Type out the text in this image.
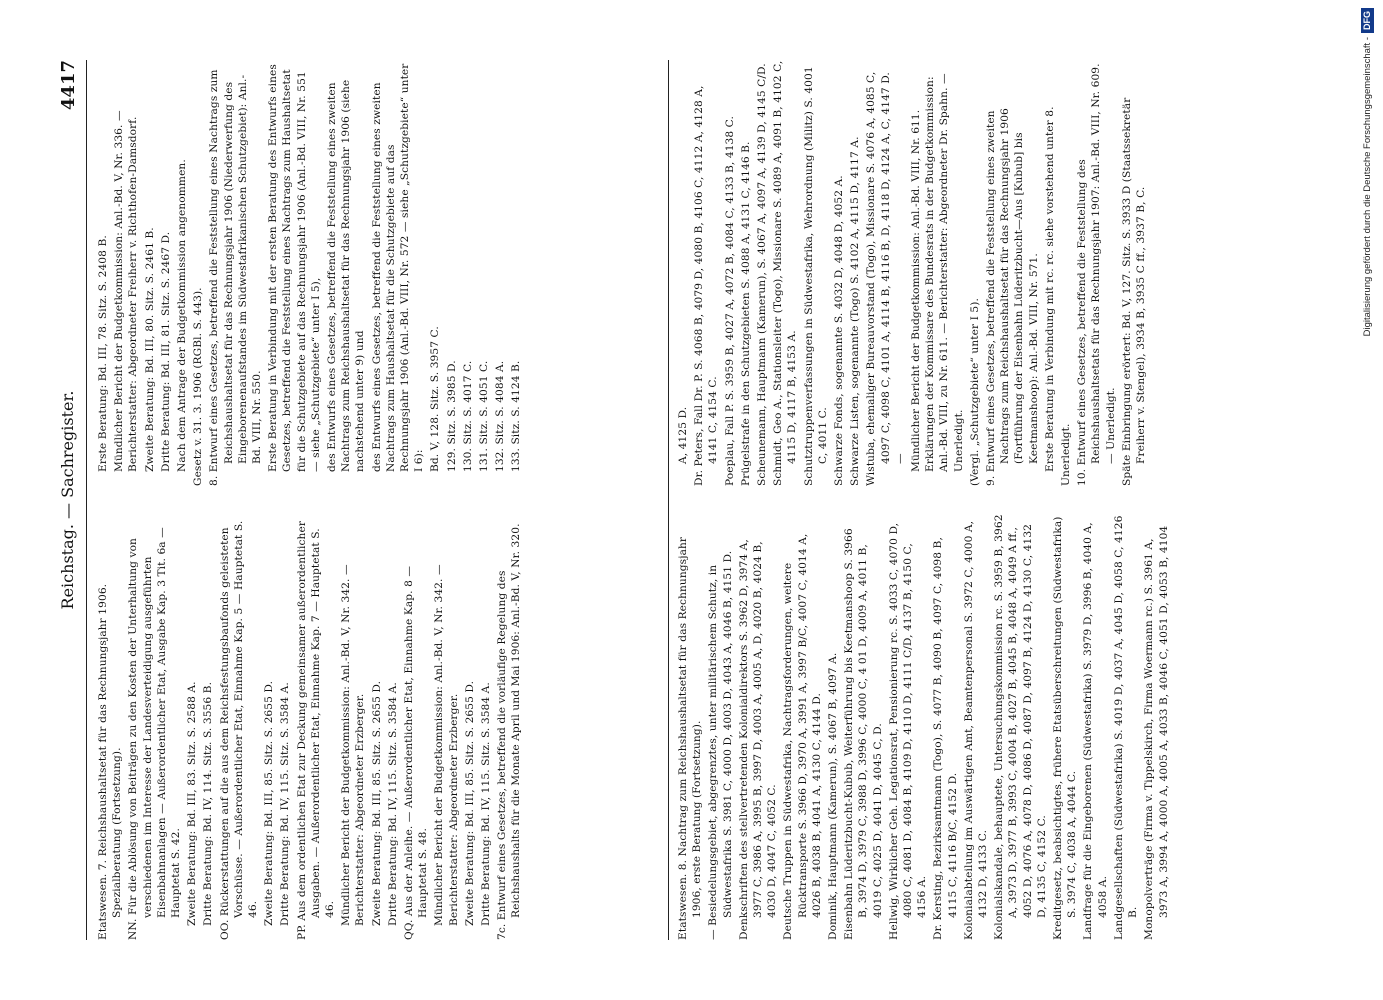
Reichstag. — Sachregister.
4417
Etatswesen. 7. Reichshaushaltsetat für das Rechnungsjahr 1906. Spezialberatung (Fortsetzung). NN. Für die Ablösung von Beiträgen zu den Kosten der Unterhaltung von verschiedenen im Interesse der Landesverteidigung ausgeführten Eisenbahnanlagen — Außerordentlicher Etat, Ausgabe Kap. 3 Tit. 6a — Hauptetat S. 42. Zweite Beratung: Bd. III, 83. Sitz. S. 2588 A. Dritte Beratung: Bd. IV, 114. Sitz. S. 3556 B. OO. Rückerstattungen auf die aus dem Reichsfestungsbaufonds geleisteten Vorschüsse. — Außerordentlicher Etat, Einnahme Kap. 5 — Hauptetat S. 46. Zweite Beratung: Bd. III, 85. Sitz. S. 2655 D. Dritte Beratung: Bd. IV, 115. Sitz. S. 3584 A. PP. Aus dem ordentlichen Etat zur Deckung gemeinsamer außerordentlicher Ausgaben. — Außerordentlicher Etat, Einnahme Kap. 7 — Hauptetat S. 46. Mündlicher Bericht der Budgetkommission: Anl.-Bd. V, Nr. 342. — Berichterstatter: Abgeordneter Erzberger. Zweite Beratung: Bd. III, 85. Sitz. S. 2655 D. Dritte Beratung: Bd. IV, 115. Sitz. S. 3584 A. QQ. Aus der Anleihe. — Außerordentlicher Etat, Einnahme Kap. 8 — Hauptetat S. 48. Mündlicher Bericht der Budgetkommission: Anl.-Bd. V, Nr. 342. — Berichterstatter: Abgeordneter Erzberger. Zweite Beratung: Bd. III, 85. Sitz. S. 2655 D. Dritte Beratung: Bd. IV, 115. Sitz. S. 3584 A. 7c. Entwurf eines Gesetzes, betreffend die vorläufige Regelung des Reichshaushalts für die Monate April und Mai 1906: Anl.-Bd. V, Nr. 320.
Erste Beratung: Bd. III, 78. Sitz. S. 2408 B. Mündlicher Bericht der Budgetkommission: Anl.-Bd. V, Nr. 336. — Berichterstatter: Abgeordneter Freiherr v. Richthofen-Damsdorf. Zweite Beratung: Bd. III, 80. Sitz. S. 2461 B. Dritte Beratung: Bd. III, 81. Sitz. S. 2467 D. Nach dem Antrage der Budgetkommission angenommen. Gesetz v. 31. 3. 1906 (RGBl. S. 443). 8. Entwurf eines Gesetzes, betreffend die Feststellung eines Nachtrags zum Reichshaushaltsetat für das Rechnungsjahr 1906 (Niederwerfung des Eingeborenenaufstandes im Südwestafrikanischen Schutzgebiet): Anl.-Bd. VIII, Nr. 550. Erste Beratung in Verbindung mit der ersten Beratung des Entwurfs eines Gesetzes, betreffend die Feststellung eines Nachtrags zum Haushaltsetat für die Schutzgebiete auf das Rechnungsjahr 1906 (Anl.-Bd. VIII, Nr. 551 — siehe „Schutzgebiete“ unter I 5), des Entwurfs eines Gesetzes, betreffend die Feststellung eines zweiten Nachtrags zum Reichshaushaltsetat für das Rechnungsjahr 1906 (siehe nachstehend unter 9) und des Entwurfs eines Gesetzes, betreffend die Feststellung eines zweiten Nachtrags zum Haushaltsetat für die Schutzgebiete auf das Rechnungsjahr 1906 (Anl.-Bd. VIII, Nr. 572 — siehe „Schutzgebiete“ unter I 6): Bd. V, 128. Sitz. S. 3957 C. 129. Sitz. S. 3985 D. 130. Sitz. S. 4017 C. 131. Sitz. S. 4051 C. 132. Sitz. S. 4084 A. 133. Sitz. S. 4124 B.
Etatswesen. 8. Nachtrag zum Reichshaushaltsetat für das Rechnungsjahr 1906, erste Beratung (Fortsetzung). — Besiedelungsgebiet, abgegrenztes, unter militärischem Schutz, in Südwestafrika S. 3981 C, 4000 D, 4003 D, 4043 A, 4046 B, 4151 D. Denkschriften des stellvertretenden Kolonialdirektors S. 3962 D, 3974 A, 3977 C, 3986 A, 3995 B, 3997 D, 4003 A, 4005 A, D, 4020 B, 4024 B, 4030 D, 4047 C, 4052 C. Deutsche Truppen in Südwestafrika, Nachtragsforderungen, weitere Rücktransporte S. 3966 D, 3970 A, 3991 A, 3997 B/C, 4007 C, 4014 A, 4026 B, 4038 B, 4041 A, 4130 C, 4144 D. Dominik, Hauptmann (Kamerun), S. 4067 B, 4097 A. Eisenbahn Lüderitzbucht-Kubub, Weiterführung bis Keetmanshoop S. 3966 B, 3974 D, 3979 C, 3988 D, 3996 C, 4000 C, 4 01 D, 4009 A, 4011 B, 4019 C, 4025 D, 4041 D, 4045 C, D. Hellwig, Wirklicher Geh. Legationsrat, Pensionierung rc. S. 4033 C, 4070 D, 4080 C, 4081 D, 4084 B, 4109 D, 4110 D, 4111 C/D, 4137 B, 4150 C, 4156 A. Dr. Kersting, Bezirksamtmann (Togo), S. 4077 B, 4090 B, 4097 C, 4098 B, 4115 C, 4116 B/C, 4152 D. Kolonialabteilung im Auswärtigen Amt, Beamtenpersonal S. 3972 C, 4000 A, 4132 D, 4133 C. Kolonialskandale, behauptete, Untersuchungskommission rc. S. 3959 B, 3962 A, 3973 D, 3977 B, 3993 C, 4004 B, 4027 B, 4045 B, 4048 A, 4049 A ff., 4052 D, 4076 A, 4078 D, 4086 D, 4087 D, 4097 B, 4124 D, 4130 C, 4132 D, 4135 C, 4152 C. Kreditgesetz, beabsichtigtes, frühere Etatsüberschreitungen (Südwestafrika) S. 3974 C, 4038 A, 4044 C. Landfrage für die Eingeborenen (Südwestafrika) S. 3979 D, 3996 B, 4040 A, 4058 A. Landgesellschaften (Südwestafrika) S. 4019 D, 4037 A, 4045 D, 4058 C, 4126 B. Monopolverträge (Firma v. Tippelskirch, Firma Woermann rc.) S. 3961 A, 3973 A, 3994 A, 4000 A, 4005 A, 4033 B, 4046 C, 4051 D, 4053 B, 4104 A, 4125 D. Dr. Peters, Fall Dr. P. S. 4068 B, 4079 D, 4080 B, 4106 C, 4112 A, 4128 A, 4141 C, 4154 C. Poeplau, Fall P. S. 3959 B, 4027 A, 4072 B, 4084 C, 4133 B, 4138 C. Prügelstrafe in den Schutzgebieten S. 4088 A, 4131 C, 4146 B. Scheunemann, Hauptmann (Kamerun), S. 4067 A, 4097 A, 4139 D, 4145 C/D. Schmidt, Geo A., Stationsleiter (Togo), Missionare S. 4089 A, 4091 B, 4102 C, 4115 D, 4117 B, 4153 A. Schutztruppenverfassungen in Südwestafrika, Wehrordnung (Militz) S. 4001 C, 4011 C. Schwarze Fonds, sogenannte S. 4032 D, 4048 D, 4052 A. Schwarze Listen, sogenannte (Togo) S. 4102 A, 4115 D, 4117 A. Wistuba, ehemaliger Bureauvorstand (Togo), Missionare S. 4076 A, 4085 C, 4097 C, 4098 C, 4101 A, 4114 B, 4116 B, D, 4118 D, 4124 A, C, 4147 D. — Mündlicher Bericht der Budgetkommission: Anl.-Bd. VIII, Nr. 611. Erklärungen der Kommissare des Bundesrats in der Budgetkommission: Anl.-Bd. VIII, zu Nr. 611. — Berichterstatter: Abgeordneter Dr. Spahn. — Unerledigt. (Vergl. „Schutzgebiete“ unter I 5). 9. Entwurf eines Gesetzes, betreffend die Feststellung eines zweiten Nachtrags zum Reichshaushaltsetat für das Rechnungsjahr 1906 (Fortführung der Eisenbahn Lüderitzbucht—Aus [Kubub] bis Keetmanshoop): Anl.-Bd. VIII, Nr. 571. Erste Beratung in Verbindung mit rc. rc. siehe vorstehend unter 8. Unerledigt. 10. Entwurf eines Gesetzes, betreffend die Feststellung des Reichshaushaltsetats für das Rechnungsjahr 1907: Anl.-Bd. VIII, Nr. 609. — Unerledigt. Späte Einbringung erörtert: Bd. V, 127. Sitz. S. 3933 D (Staatssekretär Freiherr v. Stengel), 3934 B, 3935 C ff., 3937 B, C.	Digitalisierung gefördert durch die Deutsche Forschungsgemeinschaft -DFG
